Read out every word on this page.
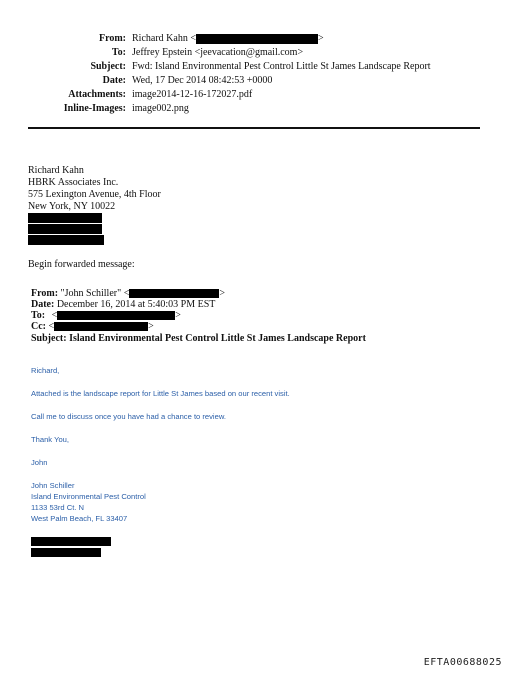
From: Richard Kahn <	>
To: Jeffrey Epstein <jeevacation@gmail.com>
Subject: Fwd: Island Environmental Pest Control Little St James Landscape Report
Date: Wed, 17 Dec 2014 08:42:53 +0000
Attachments: image2014-12-16-172027.pdf
Inline-Images: image002.png
Richard Kahn
HBRK Associates Inc.
575 Lexington Avenue, 4th Floor
New York, NY 10022
Begin forwarded message:
From: "John Schiller" <	>
Date: December 16, 2014 at 5:40:03 PM EST
To: <	>
Cc: <	>
Subject: Island Environmental Pest Control Little St James Landscape Report
Richard,
Attached is the landscape report for Little St James based on our recent visit.
Call me to discuss once you have had a chance to review.
Thank You,
John
John Schiller
Island Environmental Pest Control
1133 53rd Ct. N
West Palm Beach, FL 33407
EFTA00688025
